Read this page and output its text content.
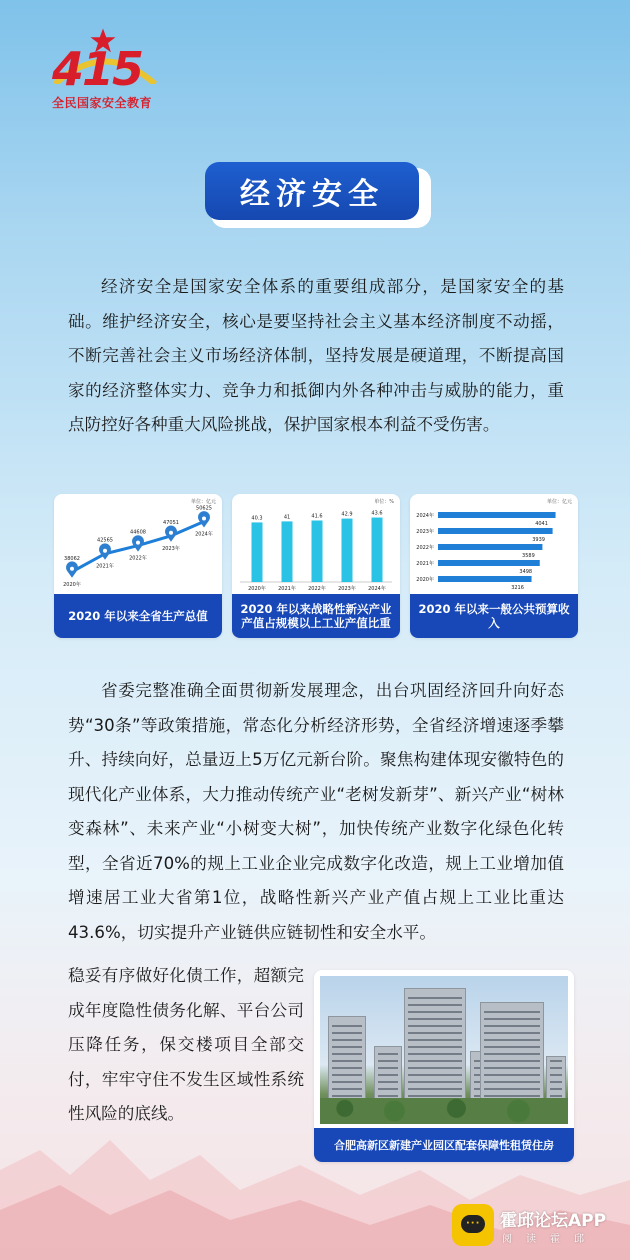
415
全民国家安全教育
经济安全

经济安全是国家安全体系的重要组成部分，是国家安全的基础。维护经济安全，核心是要坚持社会主义基本经济制度不动摇，不断完善社会主义市场经济体制，坚持发展是硬道理，不断提高国家的经济整体实力、竞争力和抵御内外各种冲击与威胁的能力，重点防控好各种重大风险挑战，保护国家根本利益不受伤害。

38062
2020年
42565
2021年
44608
2022年
47051
2023年
50625
2024年
单位：亿元
2020 年以来全省生产总值
40.3
2020年
41
2021年
41.6
2022年
42.9
2023年
43.6
2024年
单位：%
2020 年以来战略性新兴产业产值占规模以上工业产值比重
2024年
4041
2023年
3939
2022年
3589
2021年
3498
2020年
3216
单位：亿元
2020 年以来一般公共预算收入

省委完整准确全面贯彻新发展理念，出台巩固经济回升向好态势“30条”等政策措施，常态化分析经济形势，全省经济增速逐季攀升、持续向好，总量迈上5万亿元新台阶。聚焦构建体现安徽特色的现代化产业体系，大力推动传统产业“老树发新芽”、新兴产业“树林变森林”、未来产业“小树变大树”，加快传统产业数字化绿色化转型，全省近70%的规上工业企业完成数字化改造，规上工业增加值增速居工业大省第1位，战略性新兴产业产值占规上工业比重达43.6%，切实提升产业链供应链韧性和安全水平。

稳妥有序做好化债工作，超额完成年度隐性债务化解、平台公司压降任务，保交楼项目全部交付，牢牢守住不发生区域性系统性风险的底线。

合肥高新区新建产业园区配套保障性租赁住房
··· 霍邱论坛APP
阅读霍邱
